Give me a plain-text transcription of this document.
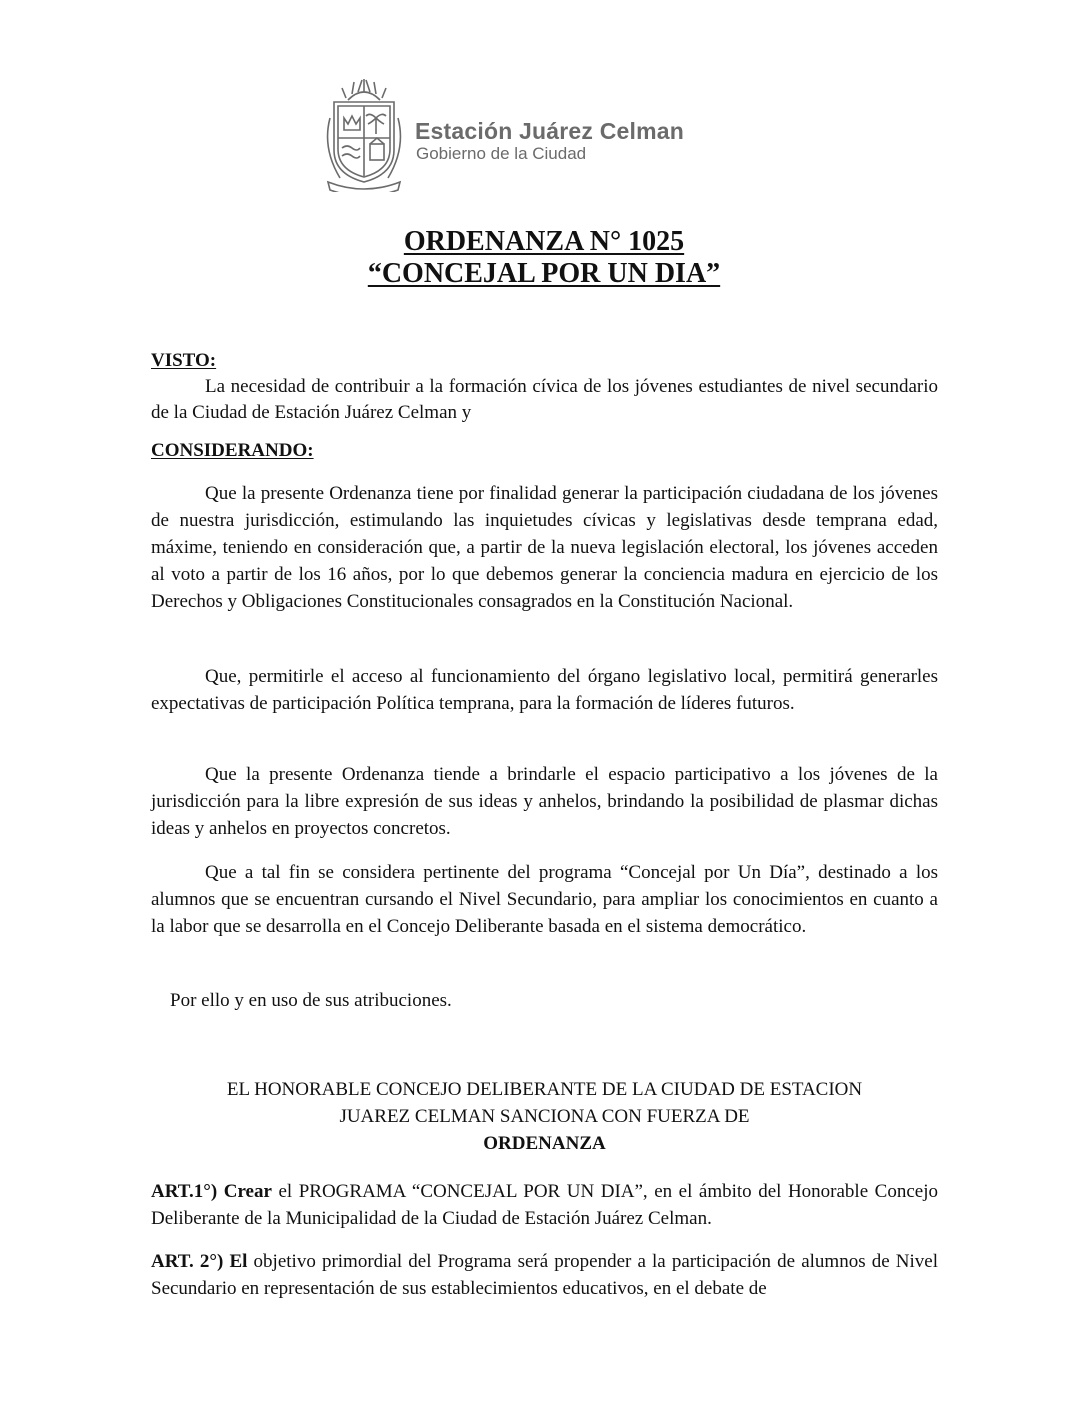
Estación Juárez Celman
Gobierno de la Ciudad
ORDENANZA N° 1025
“CONCEJAL POR UN DIA”
VISTO:

La necesidad de contribuir a la formación cívica de los jóvenes estudiantes de nivel secundario de la Ciudad de Estación Juárez Celman y

CONSIDERANDO:

Que la presente Ordenanza tiene por finalidad generar la participación ciudadana de los jóvenes de nuestra jurisdicción, estimulando las inquietudes cívicas y legislativas desde temprana edad, máxime, teniendo en consideración que, a partir de la nueva legislación electoral, los jóvenes acceden al voto a partir de los 16 años, por lo que debemos generar la conciencia madura en ejercicio de los Derechos y Obligaciones Constitucionales consagrados en la Constitución Nacional.

Que, permitirle el acceso al funcionamiento del órgano legislativo local, permitirá generarles expectativas de participación Política temprana, para la formación de líderes futuros.

Que la presente Ordenanza tiende a brindarle el espacio participativo a los jóvenes de la jurisdicción para la libre expresión de sus ideas y anhelos, brindando la posibilidad de plasmar dichas ideas y anhelos en proyectos concretos.

Por ello y en uso de sus atribuciones.

Que a tal fin se considera pertinente del programa “Concejal por Un Día”, destinado a los alumnos que se encuentran cursando el Nivel Secundario, para ampliar los conocimientos en cuanto a la labor que se desarrolla en el Concejo Deliberante basada en el sistema democrático.

EL HONORABLE CONCEJO DELIBERANTE DE LA CIUDAD DE ESTACION
JUAREZ CELMAN SANCIONA CON FUERZA DE
ORDENANZA

ART.1°) Crear el PROGRAMA “CONCEJAL POR UN DIA”, en el ámbito del Honorable Concejo Deliberante de la Municipalidad de la Ciudad de Estación Juárez Celman.

ART. 2°) El objetivo primordial del Programa será propender a la participación de alumnos de Nivel Secundario en representación de sus establecimientos educativos, en el debate de
